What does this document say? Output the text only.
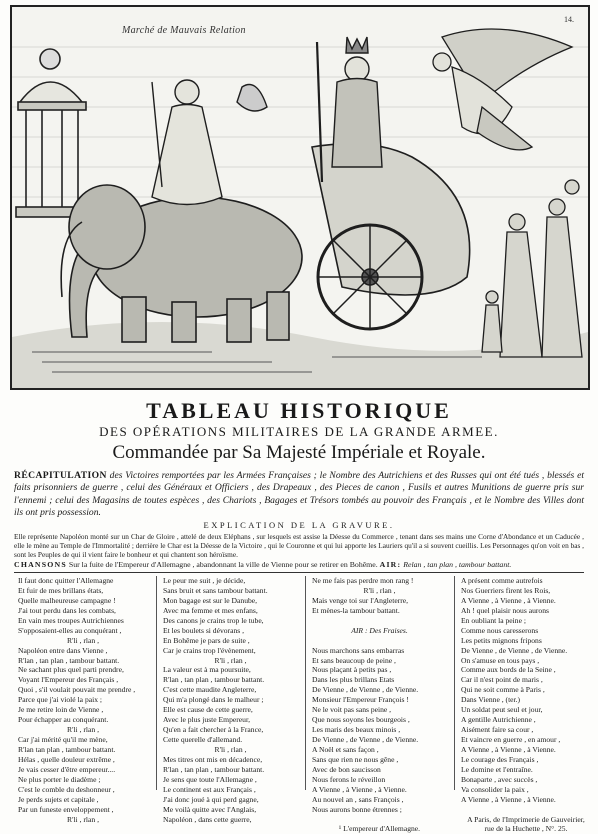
Marché de Mauvais Relation
14.
TABLEAU HISTORIQUE
DES OPÉRATIONS MILITAIRES DE LA GRANDE ARMEE.
Commandée par Sa Majesté Impériale et Royale.
RÉCAPITULATION des Victoires remportées par les Armées Françaises ; le Nombre des Autrichiens et des Russes qui ont été tués , blessés et faits prisonniers de guerre , celui des Généraux et Officiers , des Drapeaux , des Pieces de canon , Fusils et autres Munitions de guerre pris sur l'ennemi ; celui des Magasins de toutes espèces , des Chariots , Bagages et Trésors tombés au pouvoir des Français , et le Nombre des Villes dont ils ont pris possession.
EXPLICATION DE LA GRAVURE.
Elle représente Napoléon monté sur un Char de Gloire , attelé de deux Eléphans , sur lesquels est assise la Déesse du Commerce , tenant dans ses mains une Corne d'Abondance et un Caducée , elle le mène au Temple de l'Immortalité ; derrière le Char est la Déesse de la Victoire , qui le Couronne et qui lui apporte les Lauriers qu'il a si souvent cueillis. Les Personnages qu'on voit en bas , sont les Peuples de qui il vient faire le bonheur et qui chantent son héroïsme.
CHANSONS Sur la fuite de l'Empereur d'Allemagne , abandonnant la ville de Vienne pour se retirer en Bohême. AIR: Relan , tan plan , tambour battant.
Il faut donc quitter l'Allemagne
Et fuir de mes brillans états,
Quelle malheureuse campagne !
J'ai tout perdu dans les combats,
En vain mes troupes Autrichiennes
S'opposaient-elles au conquérant ,
R'li , rlan ,
Napoléon entre dans Vienne ,
R'lan , tan plan , tambour battant.
Ne sachant plus quel parti prendre,
Voyant l'Empereur des Français ,
Quoi , s'il voulait pouvait me prendre ,
Parce que j'ai violé la paix ;
Je me retire loin de Vienne ,
Pour échapper au conquérant.
R'li , rlan ,
Car j'ai mérité qu'il me mène,
R'lan tan plan , tambour battant.
Hélas , quelle douleur extrême ,
Je vais cesser d'être empereur....
Ne plus porter le diadème ;
C'est le comble du deshonneur ,
Je perds sujets et capitale ,
Par un funeste enveloppement ,
R'li , rlan ,
Le peur me suit , je décide,
Sans bruit et sans tambour battant.
Mon bagage est sur le Danube,
Avec ma femme et mes enfans,
Des canons je crains trop le tube,
Et les boulets si dévorans ,
En Bohême je pars de suite ,
Car je crains trop l'évènement,
R'li , rlan ,
La valeur est à ma poursuite,
R'lan , tan plan , tambour battant.
C'est cette maudite Angleterre,
Qui m'a plongé dans le malheur ;
Elle est cause de cette guerre,
Avec le plus juste Empereur,
Qu'en a fait chercher à la France,
Cette querelle d'allemand.
R'li , rlan ,
Mes titres ont mis en décadence,
R'lan , tan plan , tambour battant.
Je sens que toute l'Allemagne ,
Le continent est aux Français ,
J'ai donc joué à qui perd gagne,
Me voilà quitte avec l'Anglais,
Napoléon , dans cette guerre,
Ne me fais pas perdre mon rang !
R'li , rlan ,
Mais venge toi sur l'Angleterre,
Et mènes-la tambour battant.
AIR : Des Fraises.
Nous marchons sans embarras
Et sans beaucoup de peine ,
Nous plaçant à petits pas ,
Dans les plus brillans Etats
De Vienne , de Vienne , de Vienne.
Monsieur l'Empereur François !
Ne le voit pas sans peine ,
Que nous soyons les bourgeois ,
Les maris des beaux minois ,
De Vienne , de Vienne , de Vienne.
A Noël et sans façon ,
Sans que rien ne nous gêne ,
Avec de bon saucisson
Nous ferons le réveillon
A Vienne , à Vienne , à Vienne.
Au nouvel an , sans François ,
Nous aurons bonne étrennes ;
¹ L'empereur d'Allemagne.
A présent comme autrefois
Nos Guerriers firent les Rois,
A Vienne , à Vienne , à Vienne.
Ah ! quel plaisir nous aurons
En oubliant la peine ;
Comme nous caresserons
Les petits mignons fripons
De Vienne , de Vienne , de Vienne.
On s'amuse en tous pays ,
Comme aux bords de la Seine ,
Car il n'est point de maris ,
Qui ne soit comme à Paris ,
Dans Vienne , (ter.)
Un soldat peut seul et jour,
A gentille Autrichienne ,
Aisément faire sa cour ,
Et vaincre en guerre , en amour ,
A Vienne , à Vienne , à Vienne.
Le courage des Français ,
Le domine et l'entraîne.
Bonaparte , avec succès ,
Va consolider la paix ,
A Vienne , à Vienne , à Vienne.
A Paris, de l'Imprimerie de Gauveirier,
rue de la Huchette , N°. 25.
